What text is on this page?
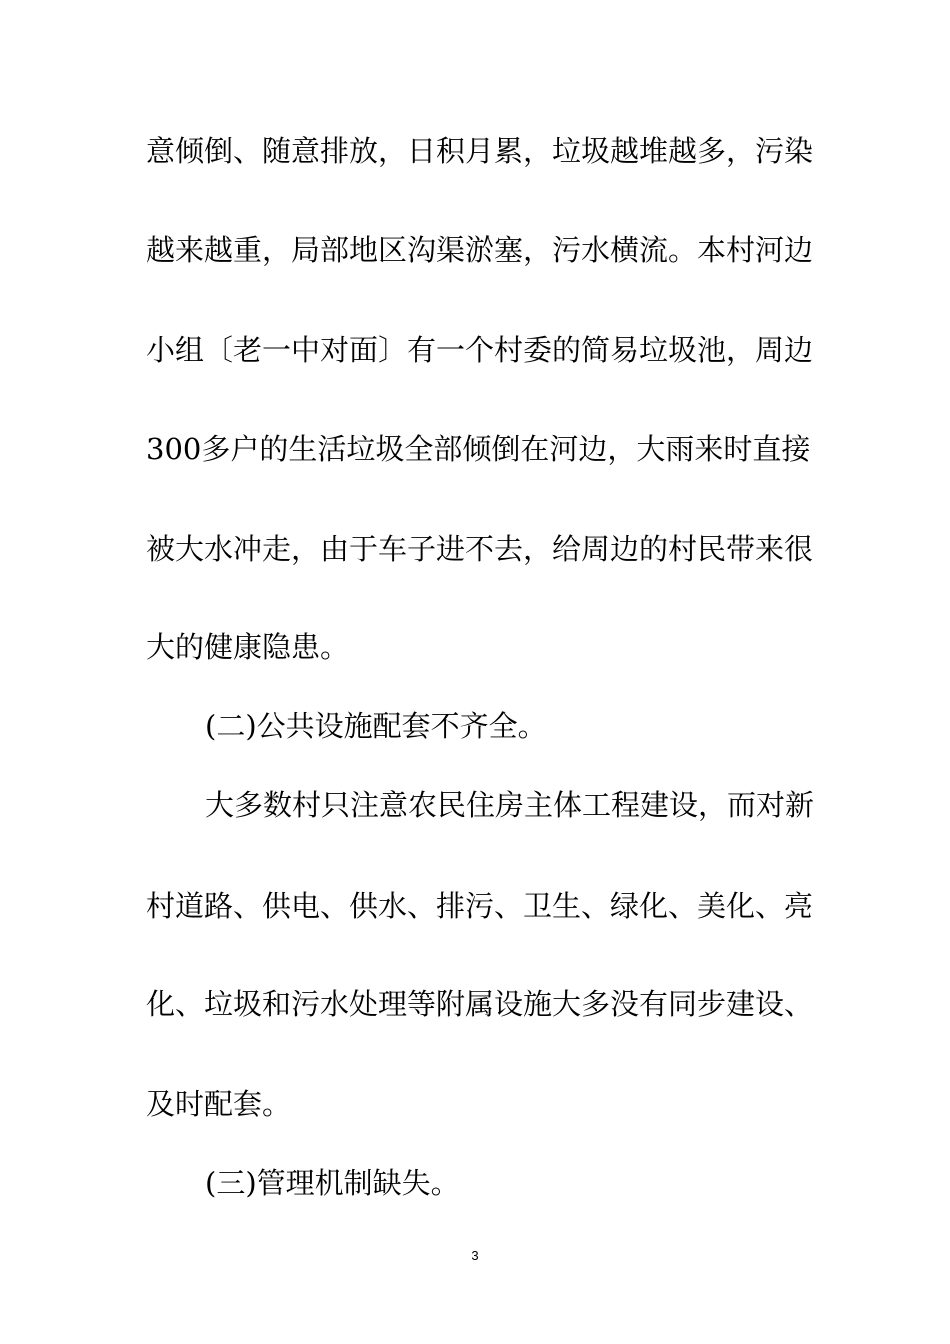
意倾倒、随意排放，日积月累，垃圾越堆越多，污染
越来越重，局部地区沟渠淤塞，污水横流。本村河边
小组〔老一中对面〕有一个村委的简易垃圾池，周边
300多户的生活垃圾全部倾倒在河边，大雨来时直接
被大水冲走，由于车子进不去，给周边的村民带来很
大的健康隐患。
(二)公共设施配套不齐全。
大多数村只注意农民住房主体工程建设，而对新
村道路、供电、供水、排污、卫生、绿化、美化、亮
化、垃圾和污水处理等附属设施大多没有同步建设、
及时配套。
(三)管理机制缺失。
3
